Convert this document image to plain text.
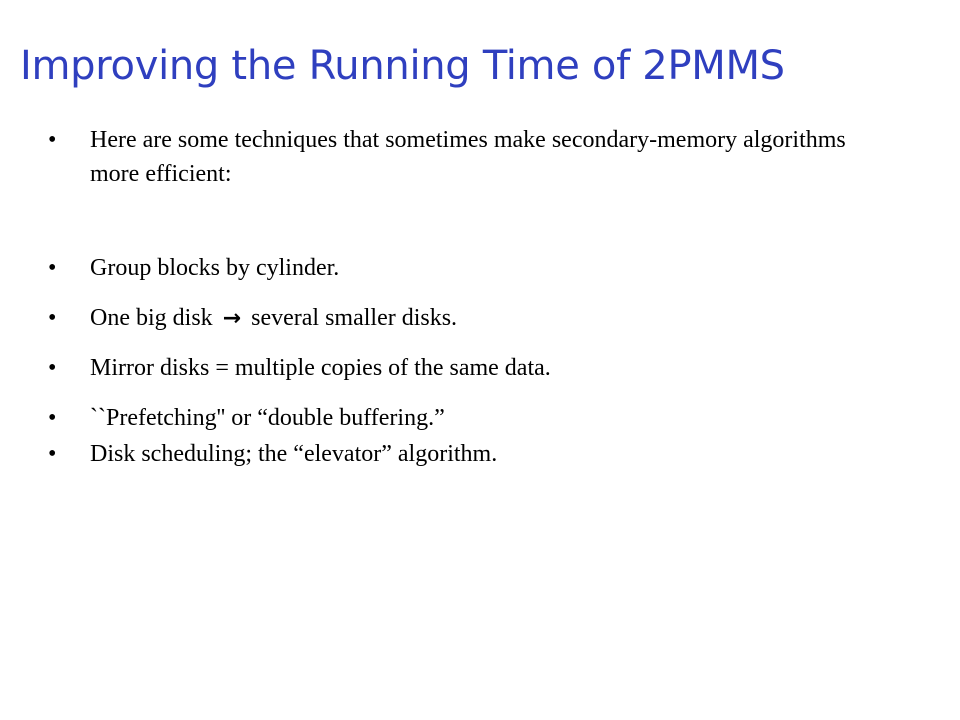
Improving the Running Time of 2PMMS
•	Here are some techniques that sometimes make secondary-memory algorithms more efficient:
•	Group blocks by cylinder.
•	One big disk → several smaller disks.
•	Mirror disks = multiple copies of the same data.
•	``Prefetching'' or “double buffering.”
•	Disk scheduling; the “elevator” algorithm.
